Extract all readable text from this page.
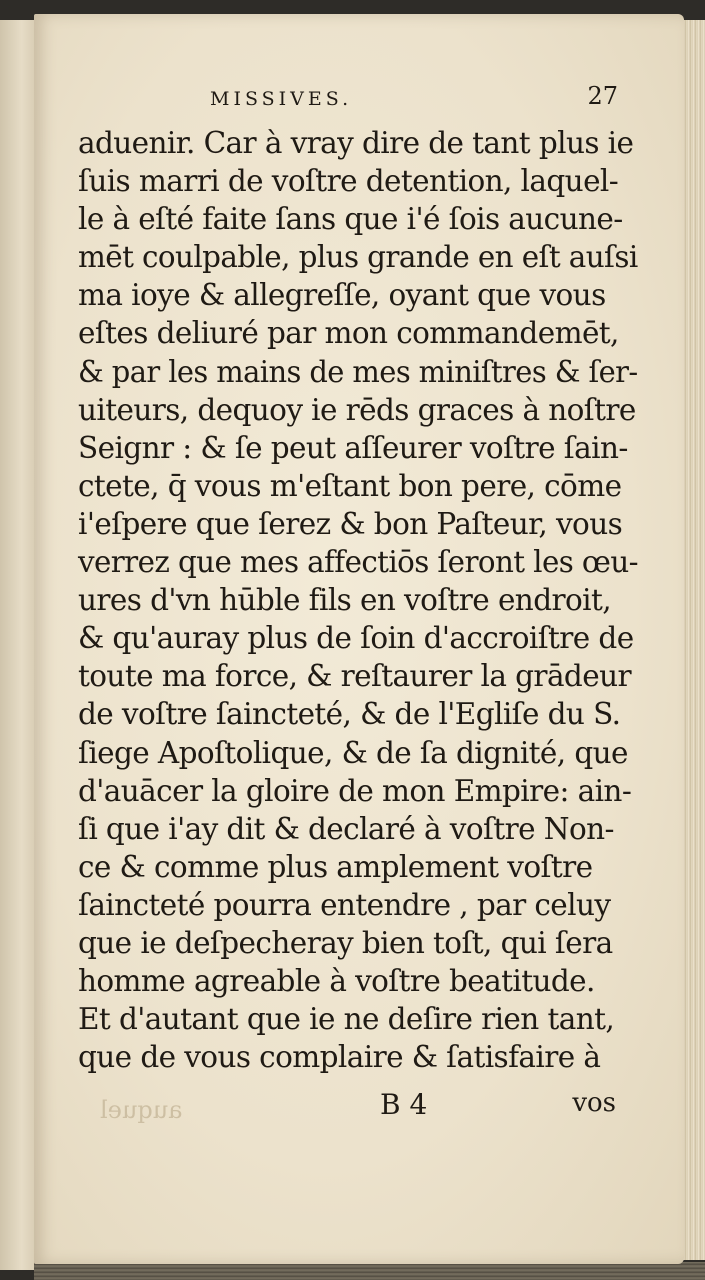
auquel
MISSIVES.	27
aduenir. Car à vray dire de tant plus ie
ſuis marri de voſtre detention, laquel-
le à eſté faite ſans que i'é ſois aucune-
mēt coulpable, plus grande en eſt auſsi
ma ioye & allegreſſe, oyant que vous
eſtes deliuré par mon commandemēt,
& par les mains de mes miniſtres & ſer-
uiteurs, dequoy ie rēds graces à noſtre
Seignr : & ſe peut aſſeurer voſtre ſain-
ctete, q̄ vous m'eſtant bon pere, cōme
i'eſpere que ſerez & bon Paſteur, vous
verrez que mes affectiōs ſeront les œu-
ures d'vn hūble fils en voſtre endroit,
& qu'auray plus de ſoin d'accroiſtre de
toute ma force, & reſtaurer la grādeur
de voſtre ſaincteté, & de l'Egliſe du S.
ſiege Apoſtolique, & de ſa dignité, que
d'auācer la gloire de mon Empire: ain-
ſi que i'ay dit & declaré à voſtre Non-
ce & comme plus amplement voſtre
ſaincteté pourra entendre , par celuy
que ie deſpecheray bien toſt, qui ſera
homme agreable à voſtre beatitude.
Et d'autant que ie ne deſire rien tant,
que de vous complaire & ſatisfaire à
B 4	vos
